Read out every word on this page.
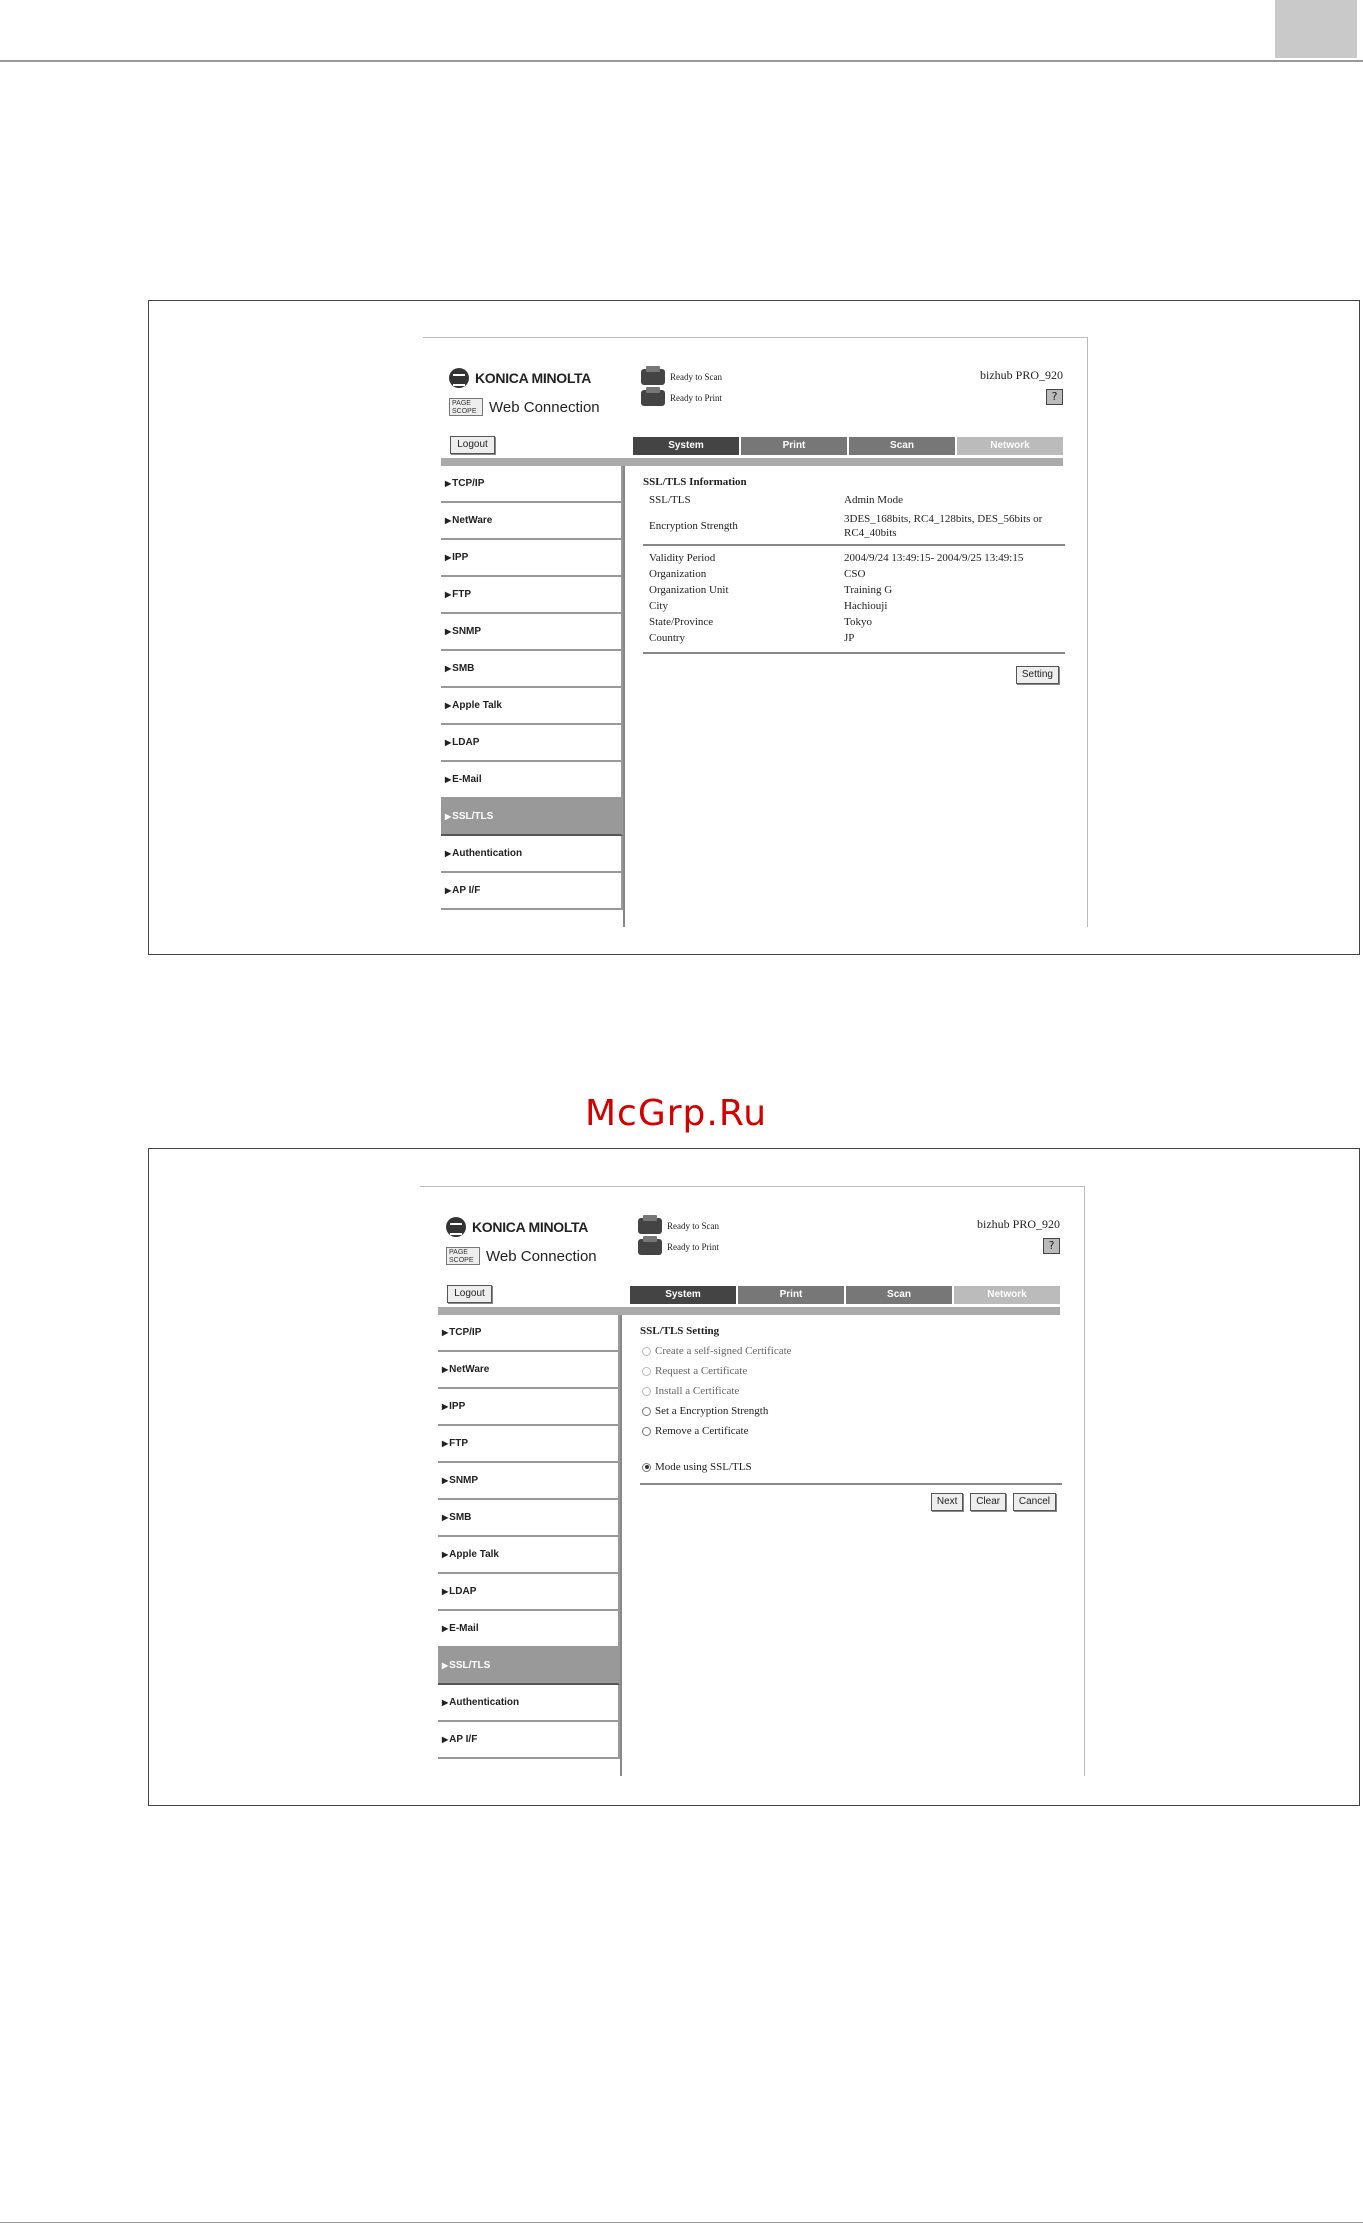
KONICA MINOLTA
PAGE SCOPE Web Connection
Ready to Scan
Ready to Print
bizhub PRO_920
?
Logout	System	Print	Scan	Network
▶ TCP/IP
▶ NetWare
▶ IPP
▶ FTP
▶ SNMP
▶ SMB
▶ Apple Talk
▶ LDAP
▶ E-Mail
▶ SSL/TLS
▶ Authentication
▶ AP I/F
SSL/TLS Information
SSL/TLS	Admin Mode
Encryption Strength	3DES_168bits, RC4_128bits, DES_56bits or RC4_40bits

Validity Period	2004/9/24 13:49:15- 2004/9/25 13:49:15
Organization	CSO
Organization Unit	Training G
City	Hachiouji
State/Province	Tokyo
Country	JP
Setting
McGrp.Ru
KONICA MINOLTA
PAGE SCOPE Web Connection
Ready to Scan
Ready to Print
bizhub PRO_920
?
Logout	System	Print	Scan	Network
▶ TCP/IP
▶ NetWare
▶ IPP
▶ FTP
▶ SNMP
▶ SMB
▶ Apple Talk
▶ LDAP
▶ E-Mail
▶ SSL/TLS
▶ Authentication
▶ AP I/F
SSL/TLS Setting
Create a self-signed Certificate
Request a Certificate
Install a Certificate
Set a Encryption Strength
Remove a Certificate
Mode using SSL/TLS
Next Clear Cancel
